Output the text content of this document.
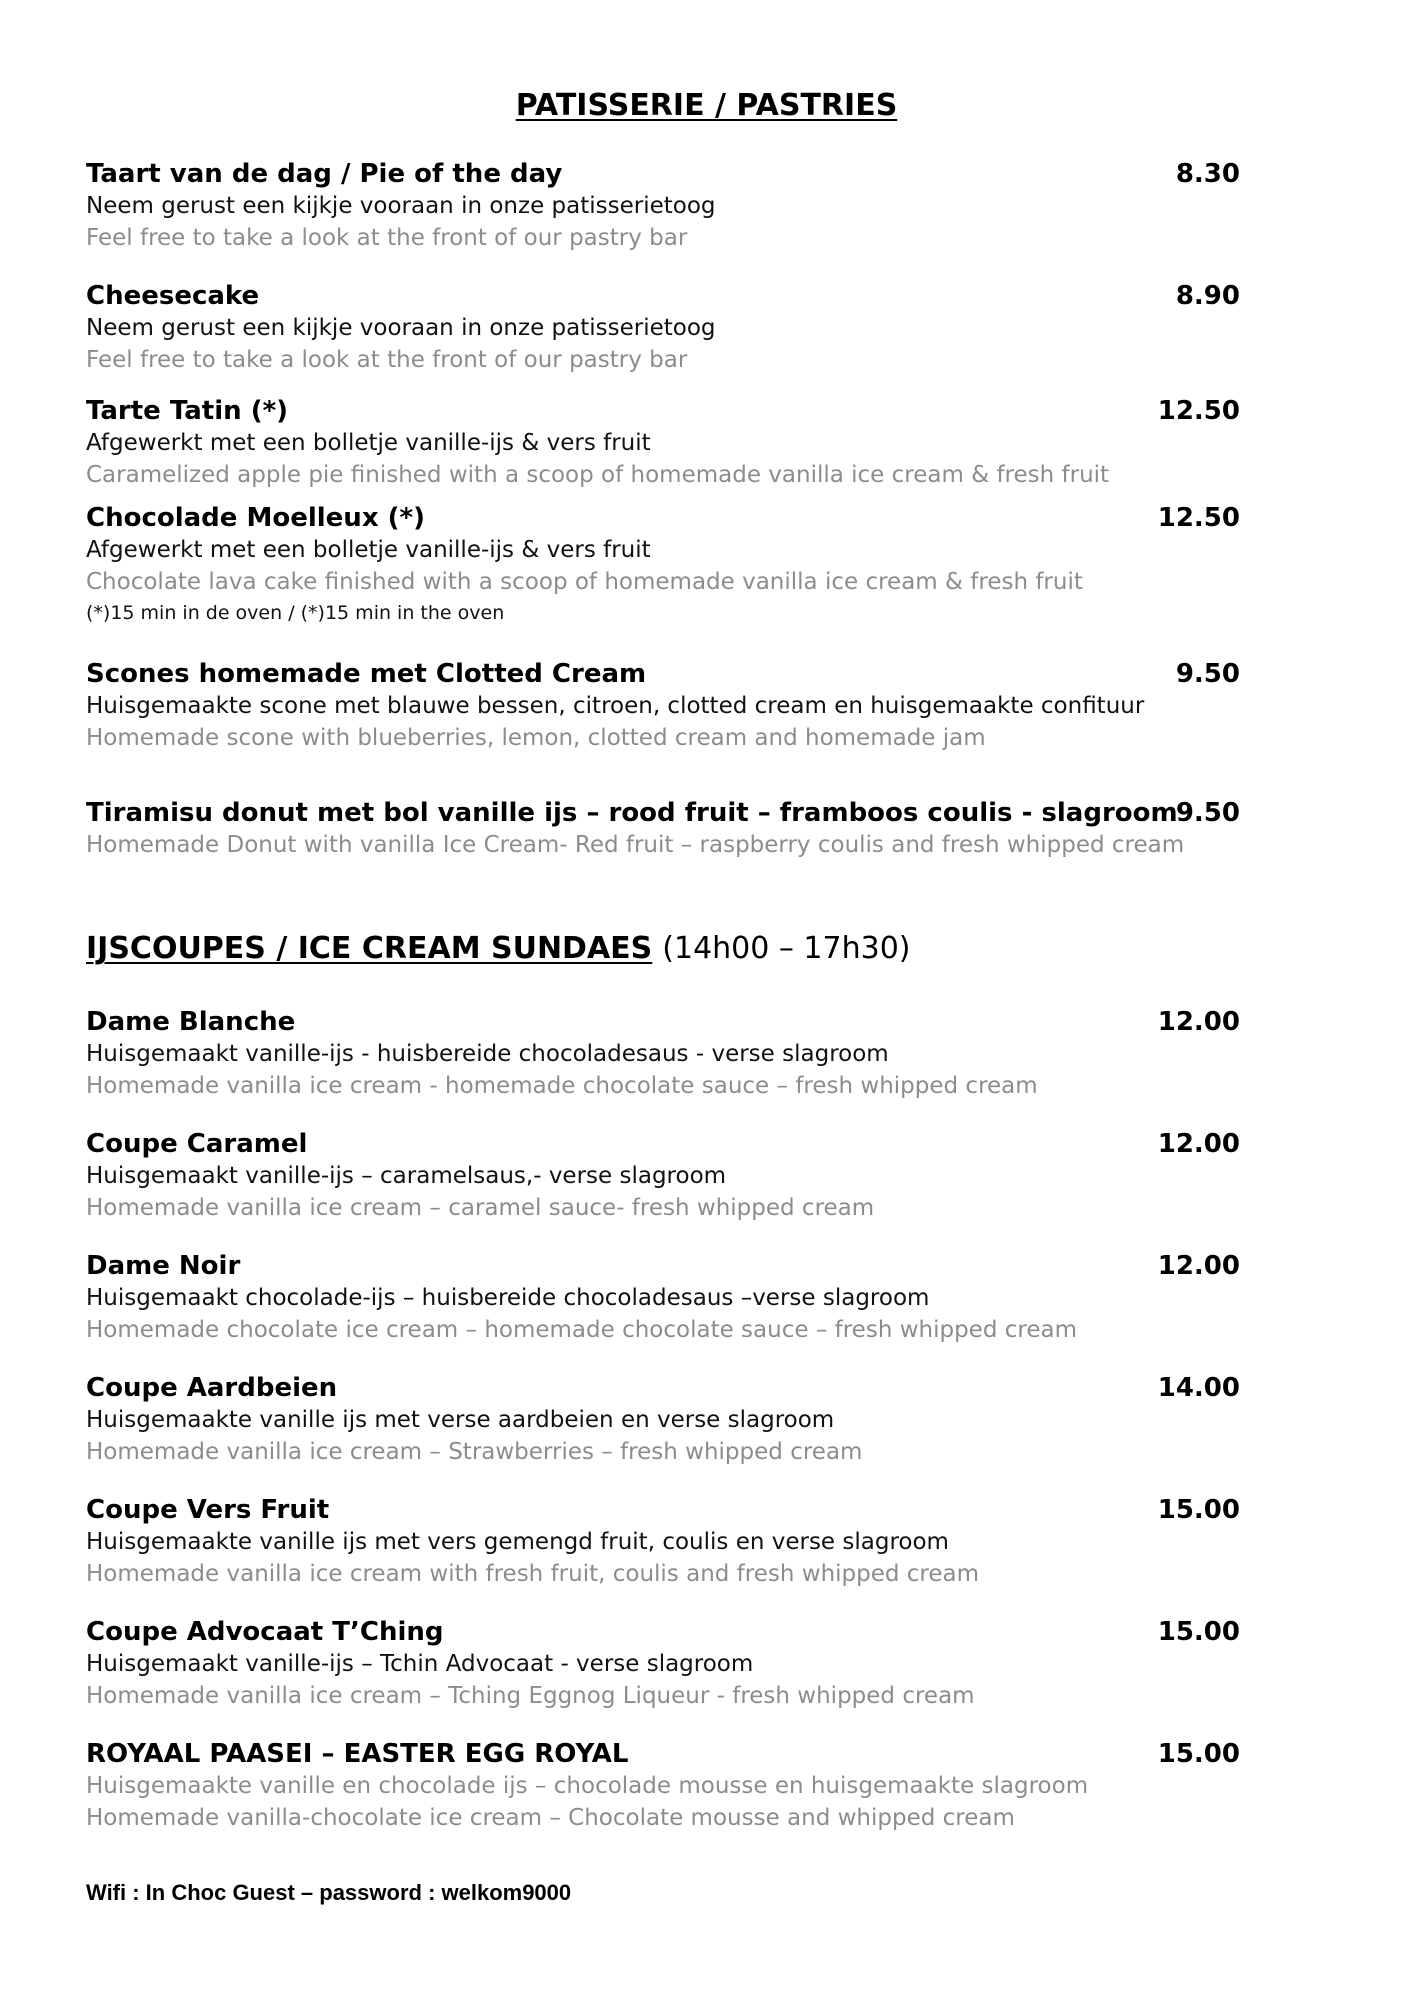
PATISSERIE / PASTRIES
Taart van de dag / Pie of the day	8.30
Neem gerust een kijkje vooraan in onze patisserietoog
Feel free to take a look at the front of our pastry bar
Cheesecake	8.90
Neem gerust een kijkje vooraan in onze patisserietoog
Feel free to take a look at the front of our pastry bar
Tarte Tatin (*)	12.50
Afgewerkt met een bolletje vanille-ijs & vers fruit
Caramelized apple pie finished with a scoop of homemade vanilla ice cream & fresh fruit
Chocolade Moelleux (*)	12.50
Afgewerkt met een bolletje vanille-ijs & vers fruit
Chocolate lava cake finished with a scoop of homemade vanilla ice cream & fresh fruit
(*)15 min in de oven / (*)15 min in the oven
Scones homemade met Clotted Cream	9.50
Huisgemaakte scone met blauwe bessen, citroen, clotted cream en huisgemaakte confituur
Homemade scone with blueberries, lemon, clotted cream and homemade jam
Tiramisu donut met bol vanille ijs – rood fruit – framboos coulis - slagroom
9.50
Homemade Donut with vanilla Ice Cream- Red fruit – raspberry coulis and fresh whipped cream
IJSCOUPES / ICE CREAM SUNDAES (14h00 – 17h30)
Dame Blanche	12.00
Huisgemaakt vanille-ijs - huisbereide chocoladesaus - verse slagroom
Homemade vanilla ice cream - homemade chocolate sauce – fresh whipped cream
Coupe Caramel	12.00
Huisgemaakt vanille-ijs – caramelsaus,- verse slagroom
Homemade vanilla ice cream – caramel sauce- fresh whipped cream
Dame Noir	12.00
Huisgemaakt chocolade-ijs – huisbereide chocoladesaus –verse slagroom
Homemade chocolate ice cream – homemade chocolate sauce – fresh whipped cream
Coupe Aardbeien	14.00
Huisgemaakte vanille ijs met verse aardbeien en verse slagroom
Homemade vanilla ice cream – Strawberries – fresh whipped cream
Coupe Vers Fruit	15.00
Huisgemaakte vanille ijs met vers gemengd fruit, coulis en verse slagroom
Homemade vanilla ice cream with fresh fruit, coulis and fresh whipped cream
Coupe Advocaat T’Ching	15.00
Huisgemaakt vanille-ijs – Tchin Advocaat - verse slagroom
Homemade vanilla ice cream – Tching Eggnog Liqueur - fresh whipped cream
ROYAAL PAASEI – EASTER EGG ROYAL	15.00
Huisgemaakte vanille en chocolade ijs – chocolade mousse en huisgemaakte slagroom
Homemade vanilla-chocolate ice cream – Chocolate mousse and whipped cream
Wifi : In Choc Guest – password : welkom9000
